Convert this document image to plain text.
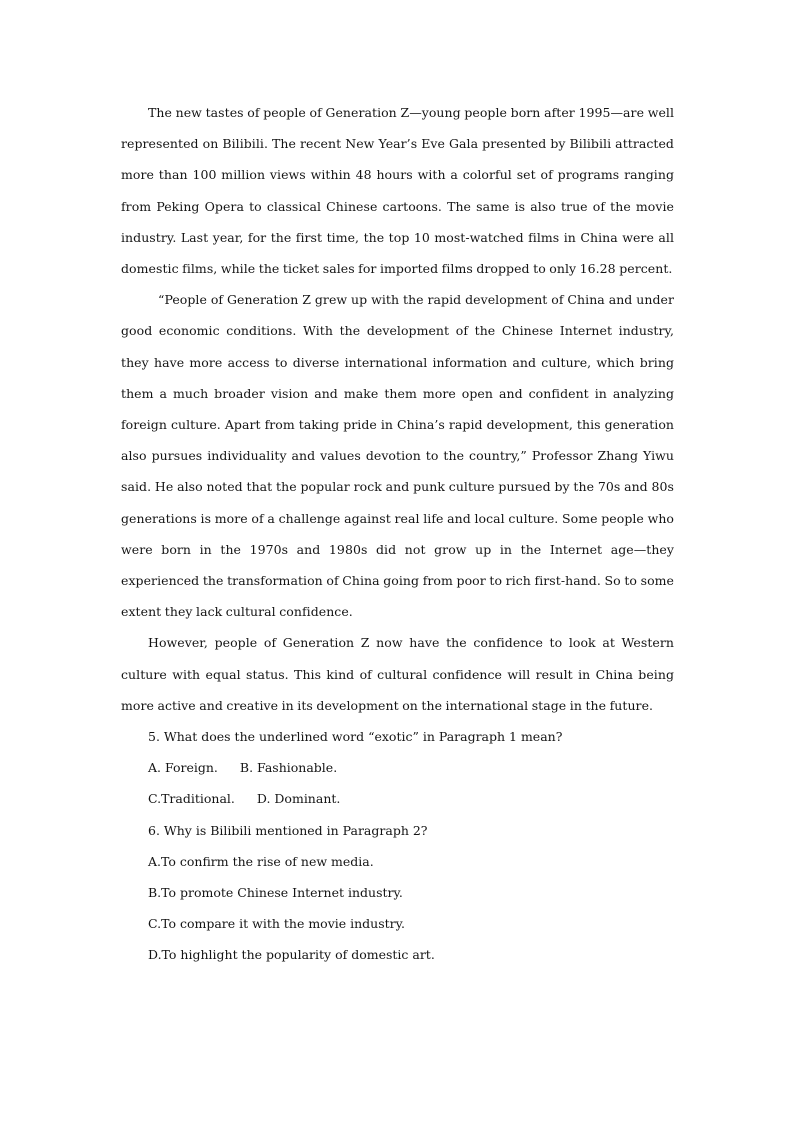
The new tastes of people of Generation Z—young people born after 1995—are well represented on Bilibili. The recent New Year’s Eve Gala presented by Bilibili attracted more than 100 million views within 48 hours with a colorful set of programs ranging from Peking Opera to classical Chinese cartoons. The same is also true of the movie industry. Last year, for the first time, the top 10 most-watched films in China were all domestic films, while the ticket sales for imported films dropped to only 16.28 percent.

“People of Generation Z grew up with the rapid development of China and under good economic conditions. With the development of the Chinese Internet industry, they have more access to diverse international information and culture, which bring them a much broader vision and make them more open and confident in analyzing foreign culture. Apart from taking pride in China’s rapid development, this generation also pursues individuality and values devotion to the country,” Professor Zhang Yiwu said. He also noted that the popular rock and punk culture pursued by the 70s and 80s generations is more of a challenge against real life and local culture. Some people who were born in the 1970s and 1980s did not grow up in the Internet age—they experienced the transformation of China going from poor to rich first-hand. So to some extent they lack cultural confidence.

However, people of Generation Z now have the confidence to look at Western culture with equal status. This kind of cultural confidence will result in China being more active and creative in its development on the international stage in the future.

5. What does the underlined word “exotic” in Paragraph 1 mean?

A. Foreign. B. Fashionable.

C.Traditional. D. Dominant.

6. Why is Bilibili mentioned in Paragraph 2?

A.To confirm the rise of new media.

B.To promote Chinese Internet industry.

C.To compare it with the movie industry.

D.To highlight the popularity of domestic art.
